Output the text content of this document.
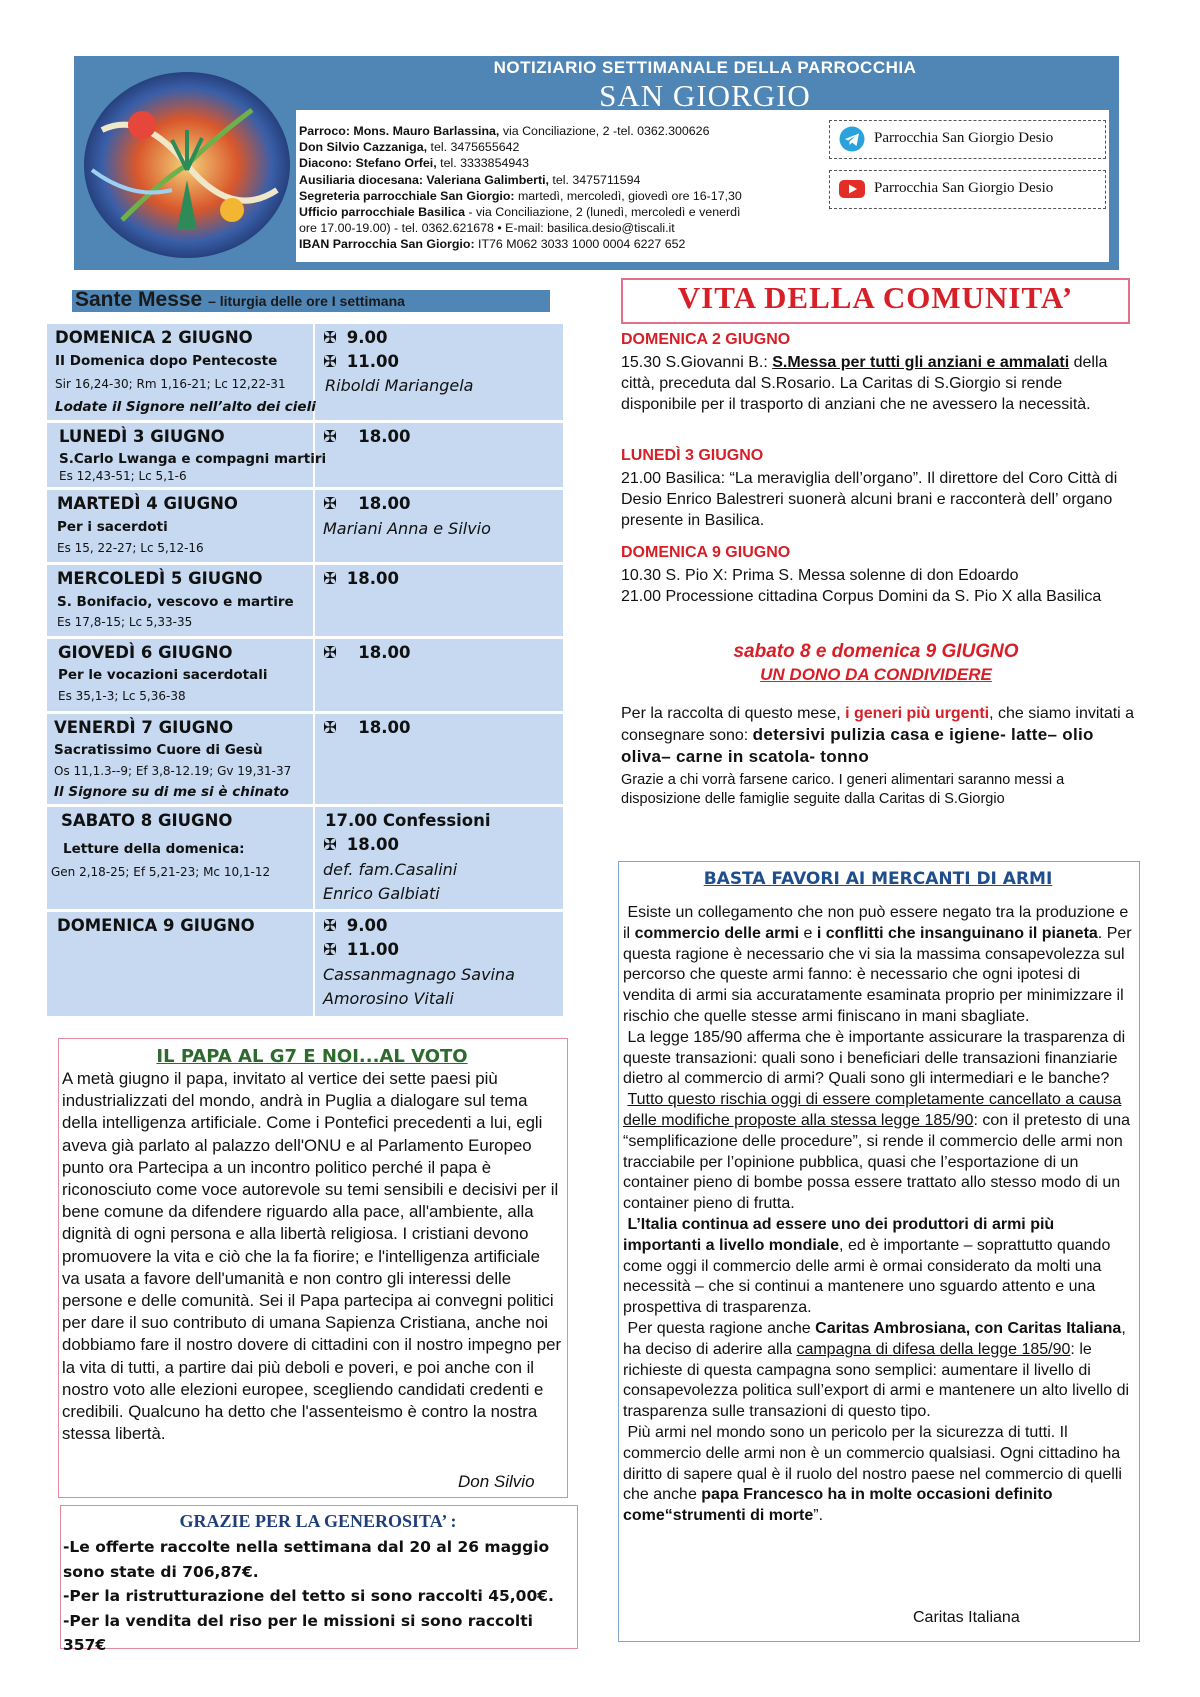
NOTIZIARIO SETTIMANALE DELLA PARROCCHIA
SAN GIORGIO
Parroco: Mons. Mauro Barlassina, via Conciliazione, 2 -tel. 0362.300626
Don Silvio Cazzaniga, tel. 3475655642
Diacono: Stefano Orfei, tel. 3333854943
Ausiliaria diocesana: Valeriana Galimberti, tel. 3475711594
Segreteria parrocchiale San Giorgio: martedì, mercoledì, giovedì ore 16-17,30
Ufficio parrocchiale Basilica - via Conciliazione, 2 (lunedì, mercoledì e venerdì
ore 17.00-19.00) - tel. 0362.621678 • E-mail: basilica.desio@tiscali.it
IBAN Parrocchia San Giorgio: IT76 M062 3033 1000 0004 6227 652
Parrocchia San Giorgio Desio
Parrocchia San Giorgio Desio
Sante Messe – liturgia delle ore I settimana
DOMENICA 2 GIUGNO
II Domenica dopo Pentecoste
Sir 16,24-30; Rm 1,16-21; Lc 12,22-31
Lodate il Signore nell’alto dei cieli
✠ 9.00
✠ 11.00
Riboldi Mariangela
LUNEDÌ 3 GIUGNO
S.Carlo Lwanga e compagni martiri
Es 12,43-51; Lc 5,1-6
✠ 18.00
MARTEDÌ 4 GIUGNO
Per i sacerdoti
Es 15, 22-27; Lc 5,12-16
✠ 18.00
Mariani Anna e Silvio
MERCOLEDÌ 5 GIUGNO
S. Bonifacio, vescovo e martire
Es 17,8-15; Lc 5,33-35
✠ 18.00
GIOVEDÌ 6 GIUGNO
Per le vocazioni sacerdotali
Es 35,1-3; Lc 5,36-38
✠ 18.00
VENERDÌ 7 GIUGNO
Sacratissimo Cuore di Gesù
Os 11,1.3--9; Ef 3,8-12.19; Gv 19,31-37
Il Signore su di me si è chinato
✠ 18.00
SABATO 8 GIUGNO
Letture della domenica:
Gen 2,18-25; Ef 5,21-23; Mc 10,1-12
17.00 Confessioni
✠ 18.00
def. fam.Casalini
Enrico Galbiati
DOMENICA 9 GIUGNO	✠ 9.00
✠ 11.00
Cassanmagnago Savina
Amorosino Vitali
VITA DELLA COMUNITA’
DOMENICA 2 GIUGNO
15.30 S.Giovanni B.: S.Messa per tutti gli anziani e ammalati della città, preceduta dal S.Rosario. La Caritas di S.Giorgio si rende disponibile per il trasporto di anziani che ne avessero la necessità.
LUNEDÌ 3 GIUGNO
21.00 Basilica: “La meraviglia dell’organo”. Il direttore del Coro Città di Desio Enrico Balestreri suonerà alcuni brani e racconterà dell’ organo presente in Basilica.
DOMENICA 9 GIUGNO
10.30 S. Pio X: Prima S. Messa solenne di don Edoardo
21.00 Processione cittadina Corpus Domini da S. Pio X alla Basilica
sabato 8 e domenica 9 GIUGNO
UN DONO DA CONDIVIDERE
Per la raccolta di questo mese, i generi più urgenti, che siamo invitati a consegnare sono: detersivi pulizia casa e igiene- latte– olio oliva– carne in scatola- tonno
Grazie a chi vorrà farsene carico. I generi alimentari saranno messi a disposizione delle famiglie seguite dalla Caritas di S.Giorgio
BASTA FAVORI AI MERCANTI DI ARMI

Esiste un collegamento che non può essere negato tra la produzione e il commercio delle armi e i conflitti che insanguinano il pianeta. Per questa ragione è necessario che vi sia la massima consapevolezza sul percorso che queste armi fanno: è necessario che ogni ipotesi di vendita di armi sia accuratamente esaminata proprio per minimizzare il rischio che quelle stesse armi finiscano in mani sbagliate.

La legge 185/90 afferma che è importante assicurare la trasparenza di queste transazioni: quali sono i beneficiari delle transazioni finanziarie dietro al commercio di armi? Quali sono gli intermediari e le banche?

Tutto questo rischia oggi di essere completamente cancellato a causa delle modifiche proposte alla stessa legge 185/90: con il pretesto di una “semplificazione delle procedure”, si rende il commercio delle armi non tracciabile per l’opinione pubblica, quasi che l’esportazione di un container pieno di bombe possa essere trattato allo stesso modo di un container pieno di frutta.

L’Italia continua ad essere uno dei produttori di armi più importanti a livello mondiale, ed è importante – soprattutto quando come oggi il commercio delle armi è ormai considerato da molti una necessità – che si continui a mantenere uno sguardo attento e una prospettiva di trasparenza.

Per questa ragione anche Caritas Ambrosiana, con Caritas Italiana, ha deciso di aderire alla campagna di difesa della legge 185/90: le richieste di questa campagna sono semplici: aumentare il livello di consapevolezza politica sull’export di armi e mantenere un alto livello di trasparenza sulle transazioni di questo tipo.

Più armi nel mondo sono un pericolo per la sicurezza di tutti. Il commercio delle armi non è un commercio qualsiasi. Ogni cittadino ha diritto di sapere qual è il ruolo del nostro paese nel commercio di quelli che anche papa Francesco ha in molte occasioni definito come“strumenti di morte”.

Caritas Italiana
IL PAPA AL G7 E NOI...AL VOTO
A metà giugno il papa, invitato al vertice dei sette paesi più industrializzati del mondo, andrà in Puglia a dialogare sul tema della intelligenza artificiale. Come i Pontefici precedenti a lui, egli aveva già parlato al palazzo dell'ONU e al Parlamento Europeo punto ora Partecipa a un incontro politico perché il papa è riconosciuto come voce autorevole su temi sensibili e decisivi per il bene comune da difendere riguardo alla pace, all'ambiente, alla dignità di ogni persona e alla libertà religiosa. I cristiani devono promuovere la vita e ciò che la fa fiorire; e l'intelligenza artificiale va usata a favore dell'umanità e non contro gli interessi delle persone e delle comunità. Sei il Papa partecipa ai convegni politici per dare il suo contributo di umana Sapienza Cristiana, anche noi dobbiamo fare il nostro dovere di cittadini con il nostro impegno per la vita di tutti, a partire dai più deboli e poveri, e poi anche con il nostro voto alle elezioni europee, scegliendo candidati credenti e credibili. Qualcuno ha detto che l'assenteismo è contro la nostra stessa libertà.
Don Silvio
GRAZIE PER LA GENEROSITA’ :
-Le offerte raccolte nella settimana dal 20 al 26 maggio sono state di 706,87€.
-Per la ristrutturazione del tetto si sono raccolti 45,00€.
-Per la vendita del riso per le missioni si sono raccolti 357€
